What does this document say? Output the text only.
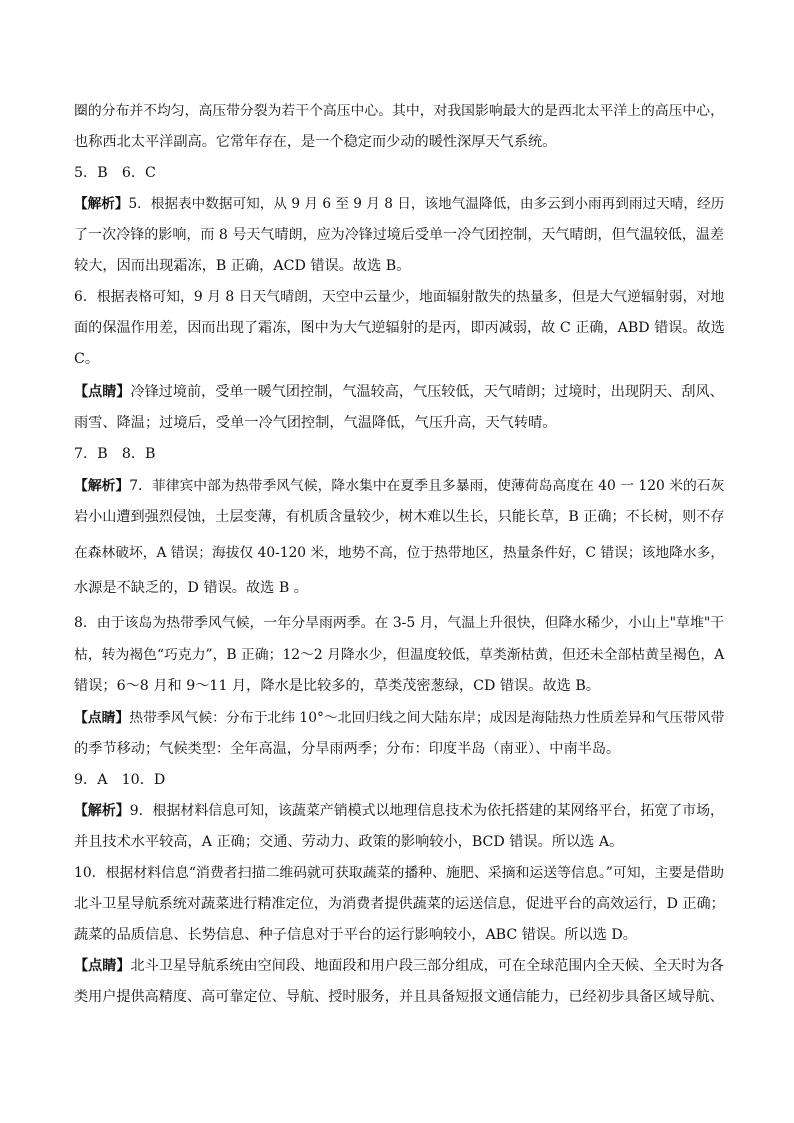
圈的分布并不均匀，高压带分裂为若干个高压中心。其中，对我国影响最大的是西北太平洋上的高压中心，
也称西北太平洋副高。它常年存在，是一个稳定而少动的暖性深厚天气系统。
5．B　6．C
【解析】5．根据表中数据可知，从 9 月 6 至 9 月 8 日，该地气温降低，由多云到小雨再到雨过天晴，经历
了一次冷锋的影响，而 8 号天气晴朗，应为冷锋过境后受单一冷气团控制，天气晴朗，但气温较低，温差
较大，因而出现霜冻，B 正确，ACD 错误。故选 B。
6．根据表格可知，9 月 8 日天气晴朗，天空中云量少，地面辐射散失的热量多，但是大气逆辐射弱，对地
面的保温作用差，因而出现了霜冻，图中为大气逆辐射的是丙，即丙减弱，故 C 正确，ABD 错误。故选
C。
【点睛】冷锋过境前，受单一暖气团控制，气温较高，气压较低，天气晴朗；过境时，出现阴天、刮风、
雨雪、降温；过境后，受单一冷气团控制，气温降低，气压升高，天气转晴。
7．B　8．B
【解析】7．菲律宾中部为热带季风气候，降水集中在夏季且多暴雨，使薄荷岛高度在 40 一 120 米的石灰
岩小山遭到强烈侵蚀，土层变薄，有机质含量较少，树木难以生长，只能长草，B 正确；不长树，则不存
在森林破坏，A 错误；海拔仅 40-120 米，地势不高，位于热带地区，热量条件好，C 错误；该地降水多，
水源是不缺乏的，D 错误。故选 B 。
8．由于该岛为热带季风气候，一年分旱雨两季。在 3-5 月，气温上升很快，但降水稀少，小山上"草堆"干
枯，转为褐色“巧克力”，B 正确；12～2 月降水少，但温度较低，草类渐枯黄，但还未全部枯黄呈褐色，A
错误；6～8 月和 9～11 月，降水是比较多的，草类茂密葱绿，CD 错误。故选 B。
【点睛】热带季风气候：分布于北纬 10°～北回归线之间大陆东岸；成因是海陆热力性质差异和气压带风带
的季节移动；气候类型：全年高温，分旱雨两季；分布：印度半岛（南亚）、中南半岛。
9．A　10．D
【解析】9．根据材料信息可知，该蔬菜产销模式以地理信息技术为依托搭建的某网络平台，拓宽了市场，
并且技术水平较高，A 正确；交通、劳动力、政策的影响较小，BCD 错误。所以选 A。
10．根据材料信息“消费者扫描二维码就可获取蔬菜的播种、施肥、采摘和运送等信息。”可知，主要是借助
北斗卫星导航系统对蔬菜进行精准定位，为消费者提供蔬菜的运送信息，促进平台的高效运行，D 正确；
蔬菜的品质信息、长势信息、种子信息对于平台的运行影响较小，ABC 错误。所以选 D。
【点睛】北斗卫星导航系统由空间段、地面段和用户段三部分组成，可在全球范围内全天候、全天时为各
类用户提供高精度、高可靠定位、导航、授时服务，并且具备短报文通信能力，已经初步具备区域导航、
